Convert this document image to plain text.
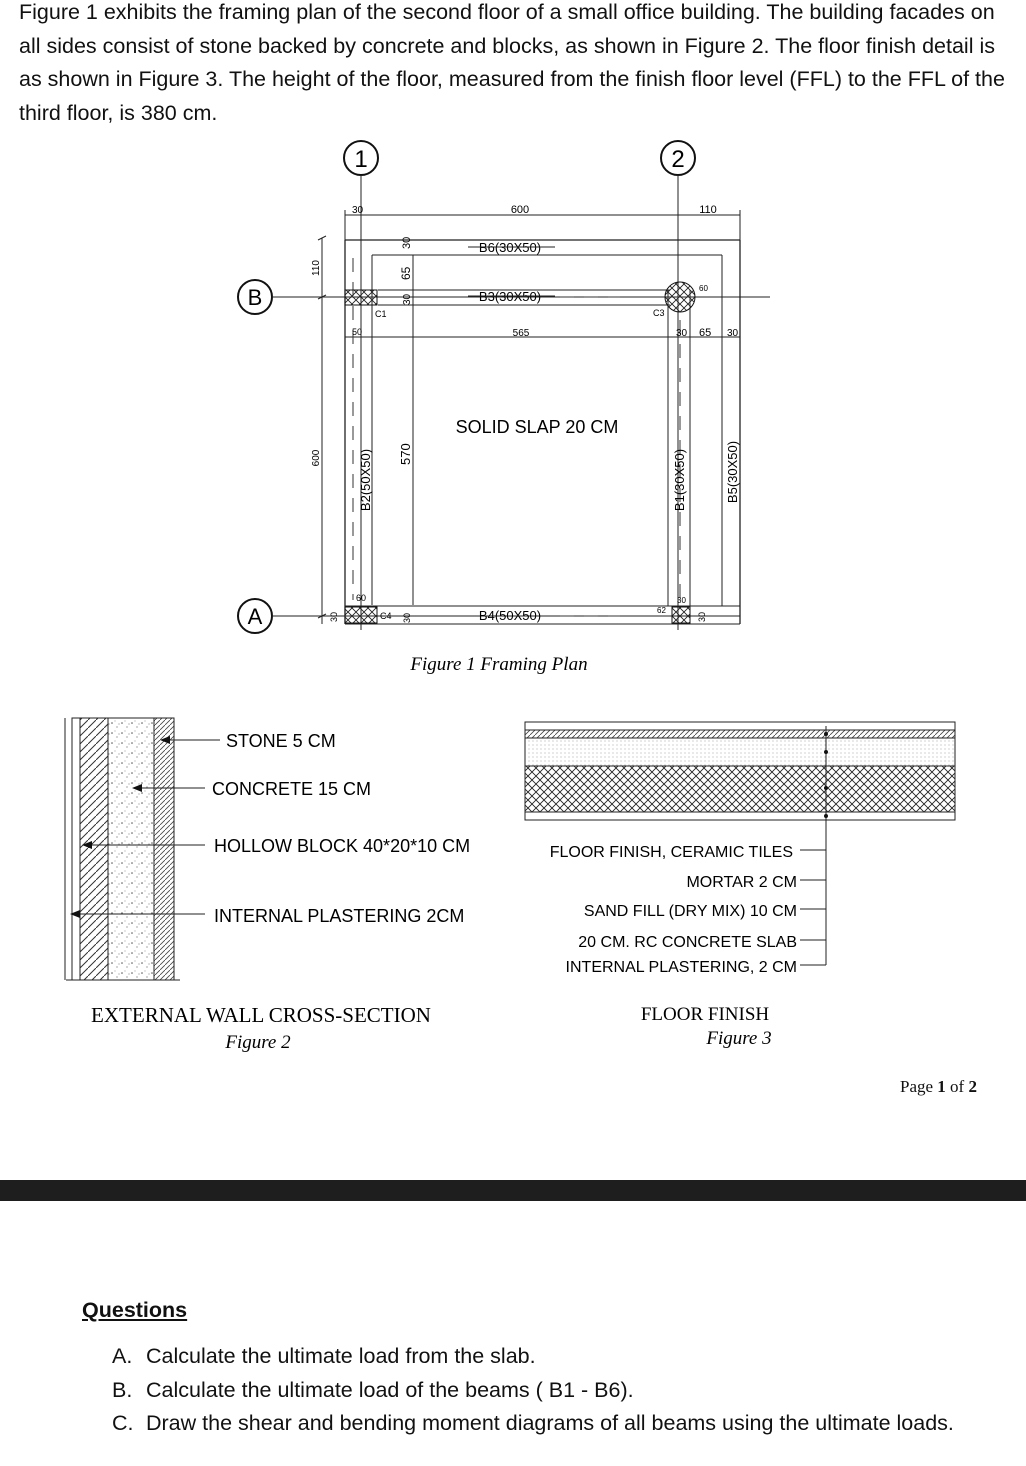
Figure 1 exhibits the framing plan of the second floor of a small office building. The building facades on all sides consist of stone backed by concrete and blocks, as shown in Figure 2. The floor finish detail is as shown in Figure 3. The height of the floor, measured from the finish floor level (FFL) to the FFL of the third floor, is 380 cm.

1	2
B
A
30	600	110
110
600
C1	C3
C4
B6(30X50)
B3(30X50)
B4(50X50)
B2(50X50)	B1(30X50)	B5(30X50)
SOLID SLAP 20 CM
30
65
30
50	565
570
60
30	30
30 65 30
60
62
30
30
Figure 1 Framing Plan
STONE 5 CM
CONCRETE 15 CM
HOLLOW BLOCK 40*20*10 CM
INTERNAL PLASTERING 2CM
EXTERNAL WALL CROSS-SECTION
Figure 2
FLOOR FINISH, CERAMIC TILES
MORTAR 2 CM
SAND FILL (DRY MIX) 10 CM
20 CM. RC CONCRETE SLAB
INTERNAL PLASTERING, 2 CM
FLOOR FINISH
Figure 3
Page 1 of 2

Questions

A. Calculate the ultimate load from the slab.
B. Calculate the ultimate load of the beams ( B1 - B6).
C. Draw the shear and bending moment diagrams of all beams using the ultimate loads.
